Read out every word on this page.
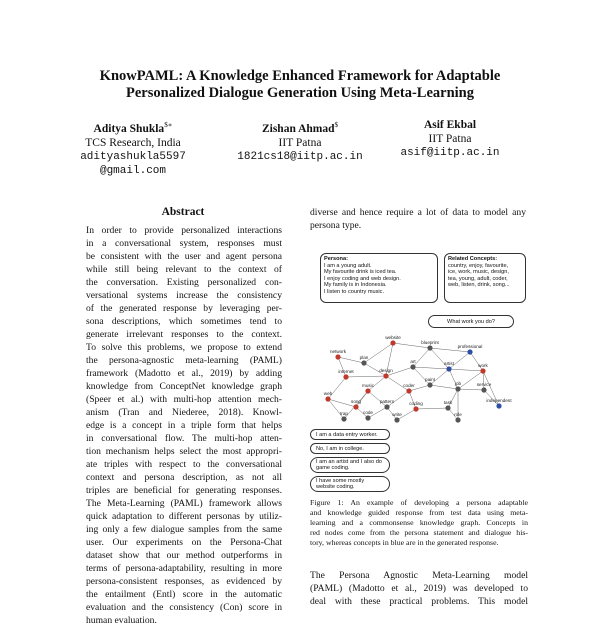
KnowPAML: A Knowledge Enhanced Framework for Adaptable
Personalized Dialogue Generation Using Meta-Learning
Aditya Shukla$∗
TCS Research, India
adityashukla5597
@gmail.com
Zishan Ahmad$
IIT Patna
1821cs18@iitp.ac.in
Asif Ekbal
IIT Patna
asif@iitp.ac.in
Abstract
In order to provide personalized interactions
in a conversational system, responses must
be consistent with the user and agent persona
while still being relevant to the context of
the conversation. Existing personalized con-
versational systems increase the consistency
of the generated response by leveraging per-
sona descriptions, which sometimes tend to
generate irrelevant responses to the context.
To solve this problems, we propose to extend
the persona-agnostic meta-learning (PAML)
framework (Madotto et al., 2019) by adding
knowledge from ConceptNet knowledge graph
(Speer et al.) with multi-hop attention mech-
anism (Tran and Niederee, 2018). Knowl-
edge is a concept in a triple form that helps
in conversational flow. The multi-hop atten-
tion mechanism helps select the most appropri-
ate triples with respect to the conversational
context and persona description, as not all
triples are beneficial for generating responses.
The Meta-Learning (PAML) framework allows
quick adaptation to different personas by utiliz-
ing only a few dialogue samples from the same
user. Our experiments on the Persona-Chat
dataset show that our method outperforms in
terms of persona-adaptability, resulting in more
persona-consistent responses, as evidenced by
the entailment (Entl) score in the automatic
evaluation and the consistency (Con) score in
human evaluation.
diverse and hence require a lot of data to model any
persona type.
Persona:
I am a young adult.
My favourite drink is iced tea.
I enjoy coding and web design.
My family is in Indonesia.
I listen to country music.
Related Concepts:
country, enjoy, favourite,
ice, work, music, design,
tea, young, adult, coder,
web, listen, drink, song...
What work you do?
network
plan
website
blueprint
professional
internet	design
art	artist	work
music	coder
paint
job	service
web
song	pattern	coding	task	independent
trap	code	write	role
I am a data entry worker.
No, I am in college.
I am an artist and I also do game coding.
I have some mostly website coding.
Figure 1: An example of developing a persona adaptable
and knowledge guided response from test data using meta-
learning and a commonsense knowledge graph. Concepts in
red nodes come from the persona statement and dialogue his-
tory, whereas concepts in blue are in the generated response.
The Persona Agnostic Meta-Learning model
(PAML) (Madotto et al., 2019) was developed to
deal with these practical problems. This model
